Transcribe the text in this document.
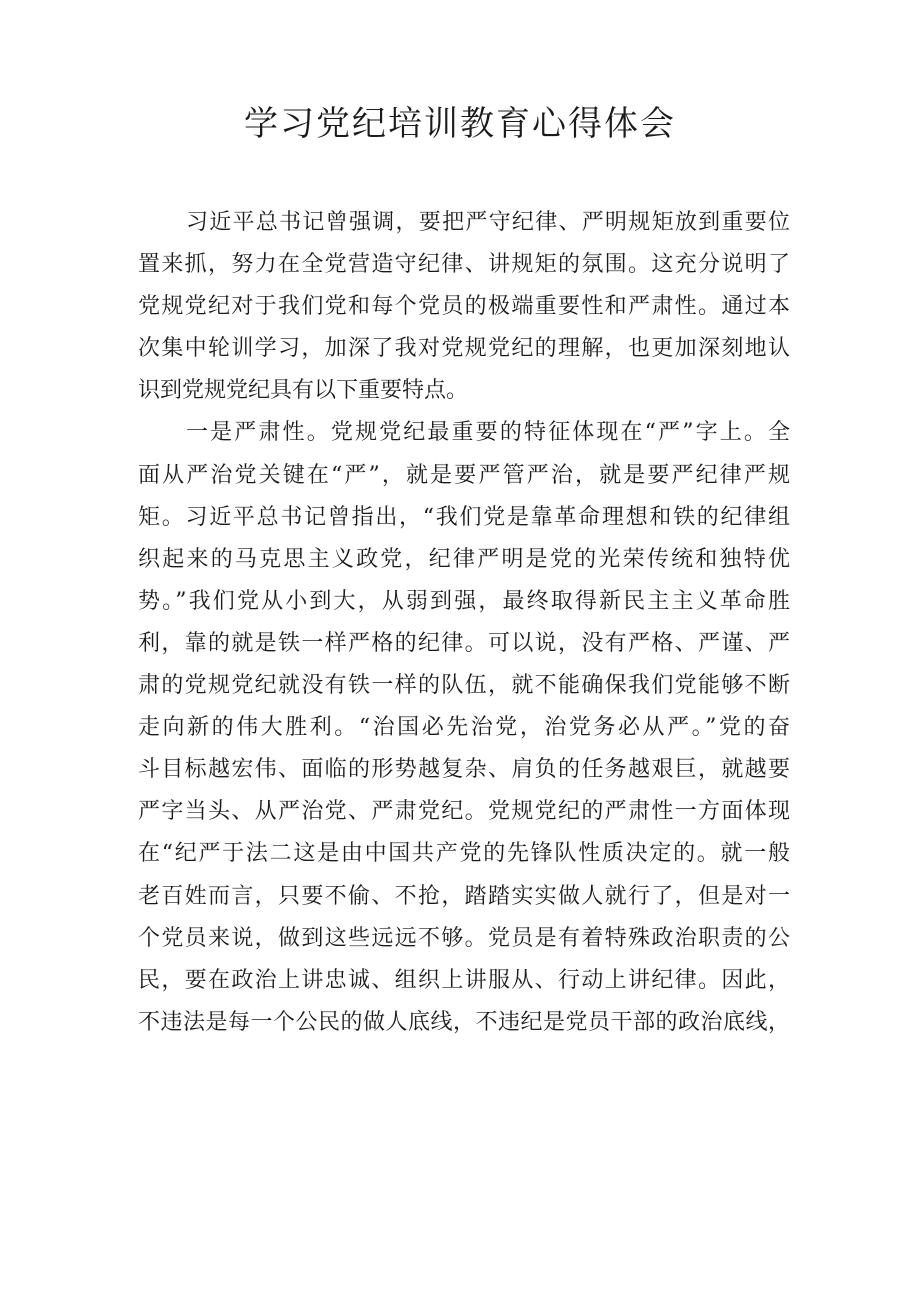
学习党纪培训教育心得体会
习近平总书记曾强调，要把严守纪律、严明规矩放到重要位
置来抓，努力在全党营造守纪律、讲规矩的氛围。这充分说明了
党规党纪对于我们党和每个党员的极端重要性和严肃性。通过本
次集中轮训学习，加深了我对党规党纪的理解，也更加深刻地认
识到党规党纪具有以下重要特点。
一是严肃性。党规党纪最重要的特征体现在“严”字上。全
面从严治党关键在“严”，就是要严管严治，就是要严纪律严规
矩。习近平总书记曾指出，“我们党是靠革命理想和铁的纪律组
织起来的马克思主义政党，纪律严明是党的光荣传统和独特优
势。”我们党从小到大，从弱到强，最终取得新民主主义革命胜
利，靠的就是铁一样严格的纪律。可以说，没有严格、严谨、严
肃的党规党纪就没有铁一样的队伍，就不能确保我们党能够不断
走向新的伟大胜利。“治国必先治党，治党务必从严。”党的奋
斗目标越宏伟、面临的形势越复杂、肩负的任务越艰巨，就越要
严字当头、从严治党、严肃党纪。党规党纪的严肃性一方面体现
在“纪严于法二这是由中国共产党的先锋队性质决定的。就一般
老百姓而言，只要不偷、不抢，踏踏实实做人就行了，但是对一
个党员来说，做到这些远远不够。党员是有着特殊政治职责的公
民，要在政治上讲忠诚、组织上讲服从、行动上讲纪律。因此，
不违法是每一个公民的做人底线，不违纪是党员干部的政治底线，
